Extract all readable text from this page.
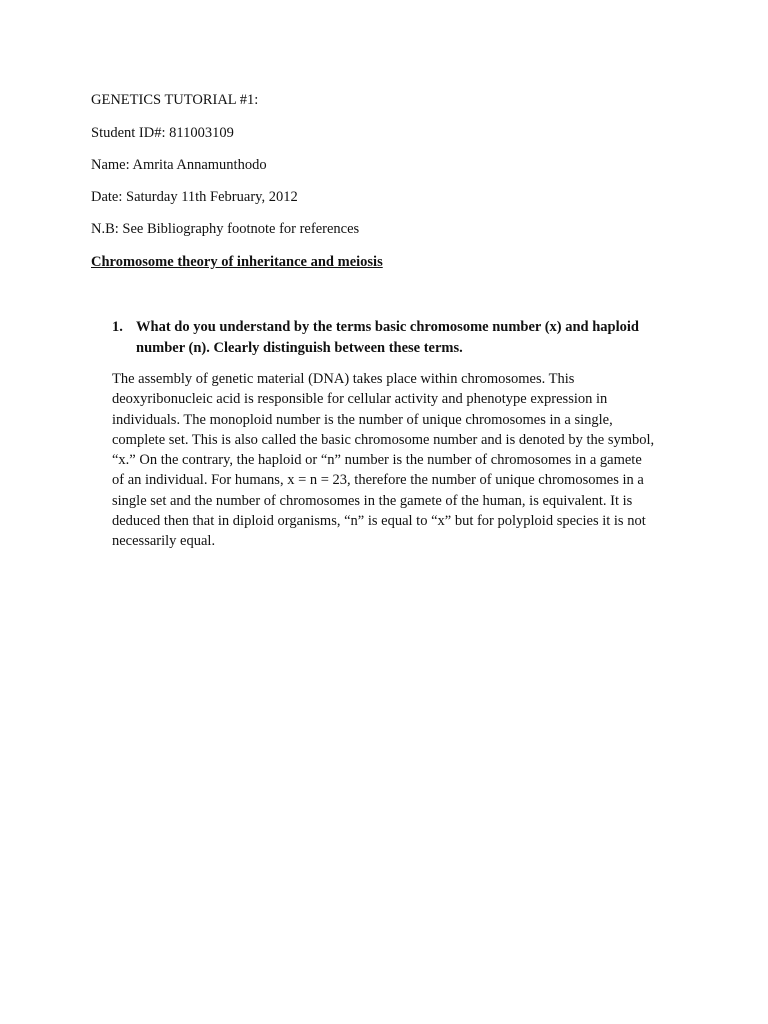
GENETICS TUTORIAL #1:
Student ID#: 811003109
Name: Amrita Annamunthodo
Date: Saturday 11th February, 2012
N.B: See Bibliography footnote for references
Chromosome theory of inheritance and meiosis
1. What do you understand by the terms basic chromosome number (x) and haploid number (n). Clearly distinguish between these terms.
The assembly of genetic material (DNA) takes place within chromosomes. This
deoxyribonucleic acid is responsible for cellular activity and phenotype expression in
individuals. The monoploid number is the number of unique chromosomes in a single,
complete set. This is also called the basic chromosome number and is denoted by the symbol,
“x.” On the contrary, the haploid or “n” number is the number of chromosomes in a gamete
of an individual. For humans, x = n = 23, therefore the number of unique chromosomes in a
single set and the number of chromosomes in the gamete of the human, is equivalent. It is
deduced then that in diploid organisms, “n” is equal to “x” but for polyploid species it is not
necessarily equal.
